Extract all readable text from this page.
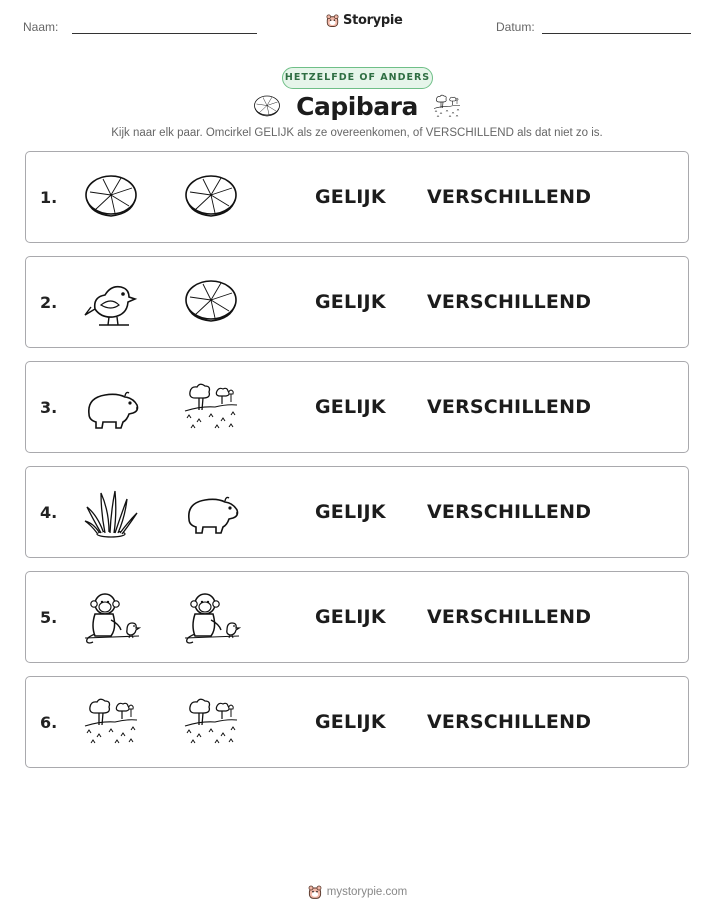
Naam:	Storypie	Datum:
HETZELFDE OF ANDERS
Capibara
Kijk naar elk paar. Omcirkel GELIJK als ze overeenkomen, of VERSCHILLEND als dat niet zo is.
1.	GELIJK VERSCHILLEND
2.	GELIJK VERSCHILLEND
3.	GELIJK VERSCHILLEND
4.	GELIJK VERSCHILLEND
5.	GELIJK VERSCHILLEND
6.	GELIJK VERSCHILLEND
mystorypie.com
